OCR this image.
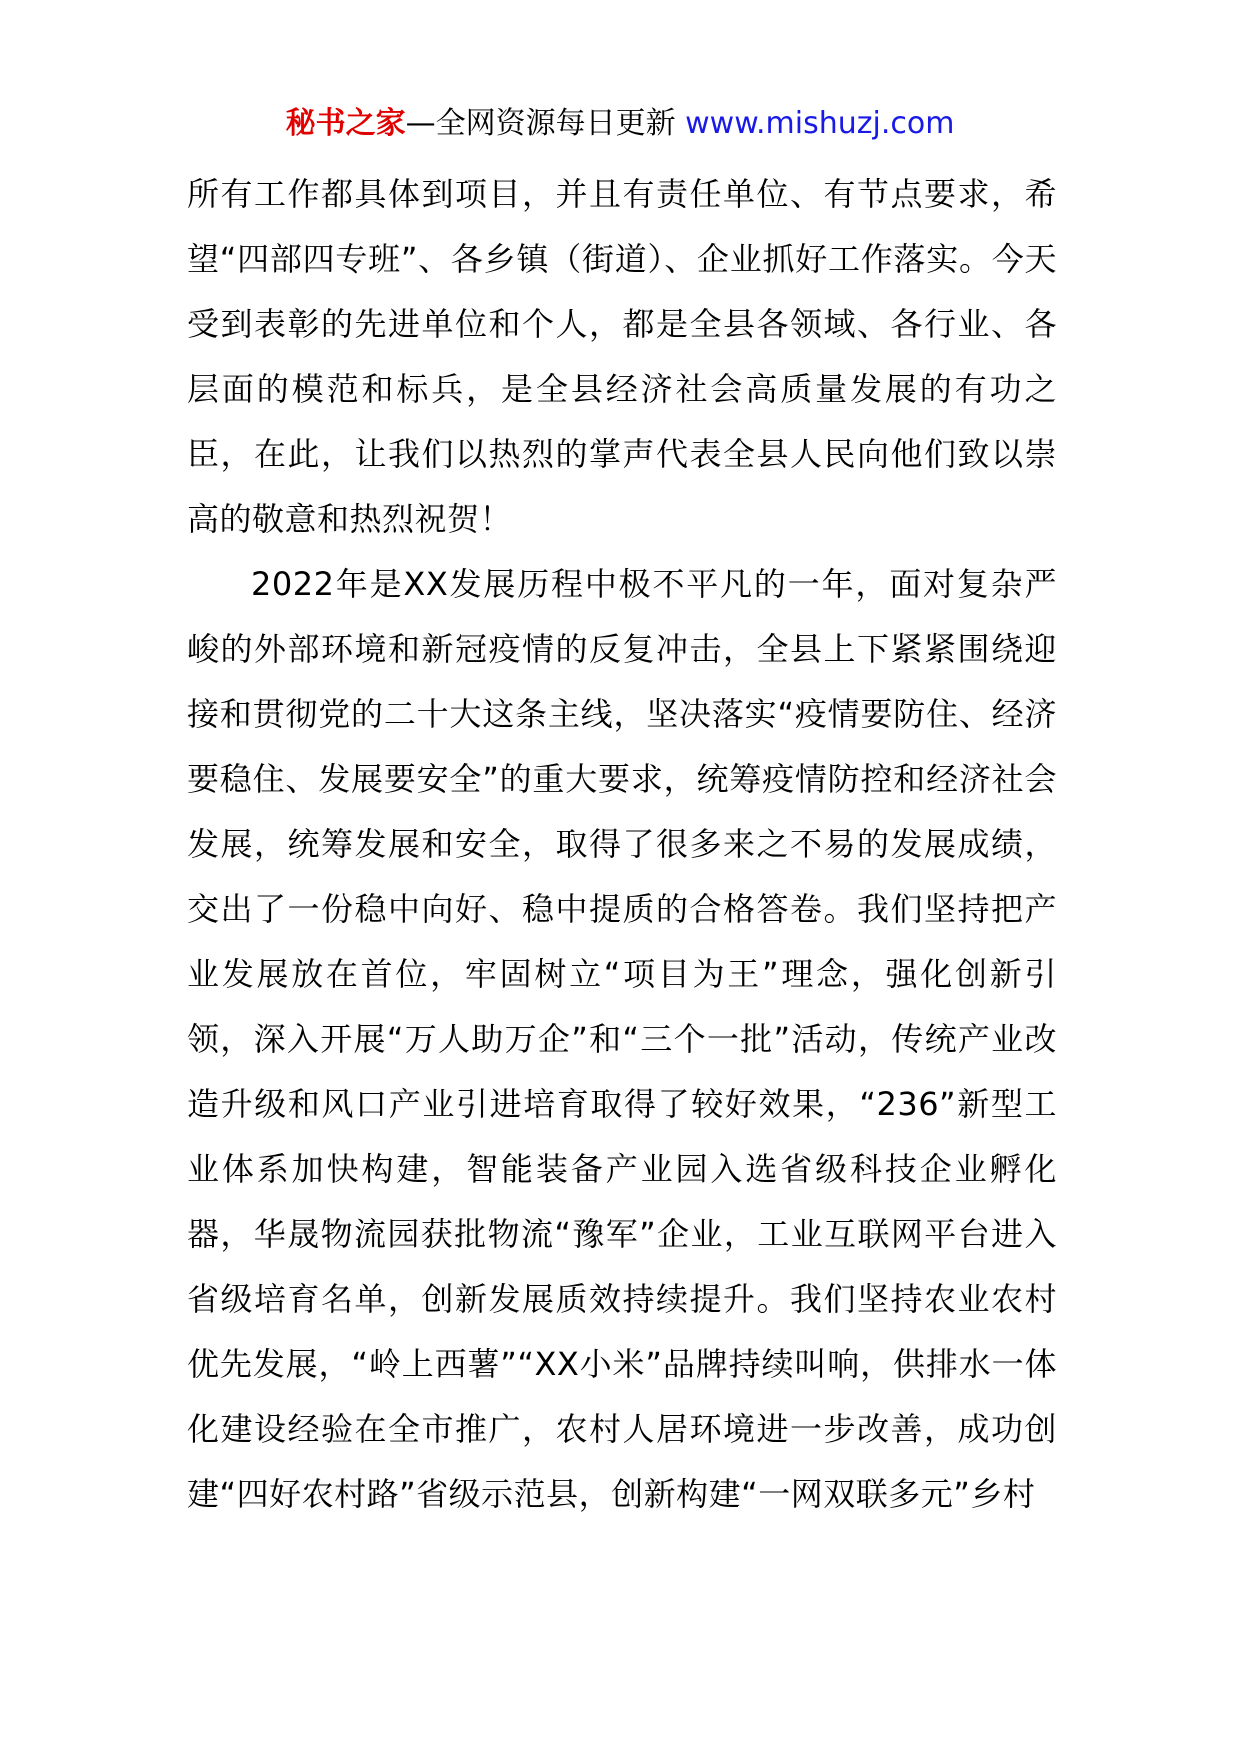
秘书之家—全网资源每日更新 www.mishuzj.com

所有工作都具体到项目，并且有责任单位、有节点要求，希望“四部四专班”、各乡镇（街道）、企业抓好工作落实。今天受到表彰的先进单位和个人，都是全县各领域、各行业、各层面的模范和标兵，是全县经济社会高质量发展的有功之臣，在此，让我们以热烈的掌声代表全县人民向他们致以崇高的敬意和热烈祝贺！

2022年是XX发展历程中极不平凡的一年，面对复杂严峻的外部环境和新冠疫情的反复冲击，全县上下紧紧围绕迎接和贯彻党的二十大这条主线，坚决落实“疫情要防住、经济要稳住、发展要安全”的重大要求，统筹疫情防控和经济社会发展，统筹发展和安全，取得了很多来之不易的发展成绩，交出了一份稳中向好、稳中提质的合格答卷。我们坚持把产业发展放在首位，牢固树立“项目为王”理念，强化创新引领，深入开展“万人助万企”和“三个一批”活动，传统产业改造升级和风口产业引进培育取得了较好效果，“236”新型工业体系加快构建，智能装备产业园入选省级科技企业孵化器，华晟物流园获批物流“豫军”企业，工业互联网平台进入省级培育名单，创新发展质效持续提升。我们坚持农业农村优先发展，“岭上西薯”“XX小米”品牌持续叫响，供排水一体化建设经验在全市推广，农村人居环境进一步改善，成功创建“四好农村路”省级示范县，创新构建“一网双联多元”乡村
